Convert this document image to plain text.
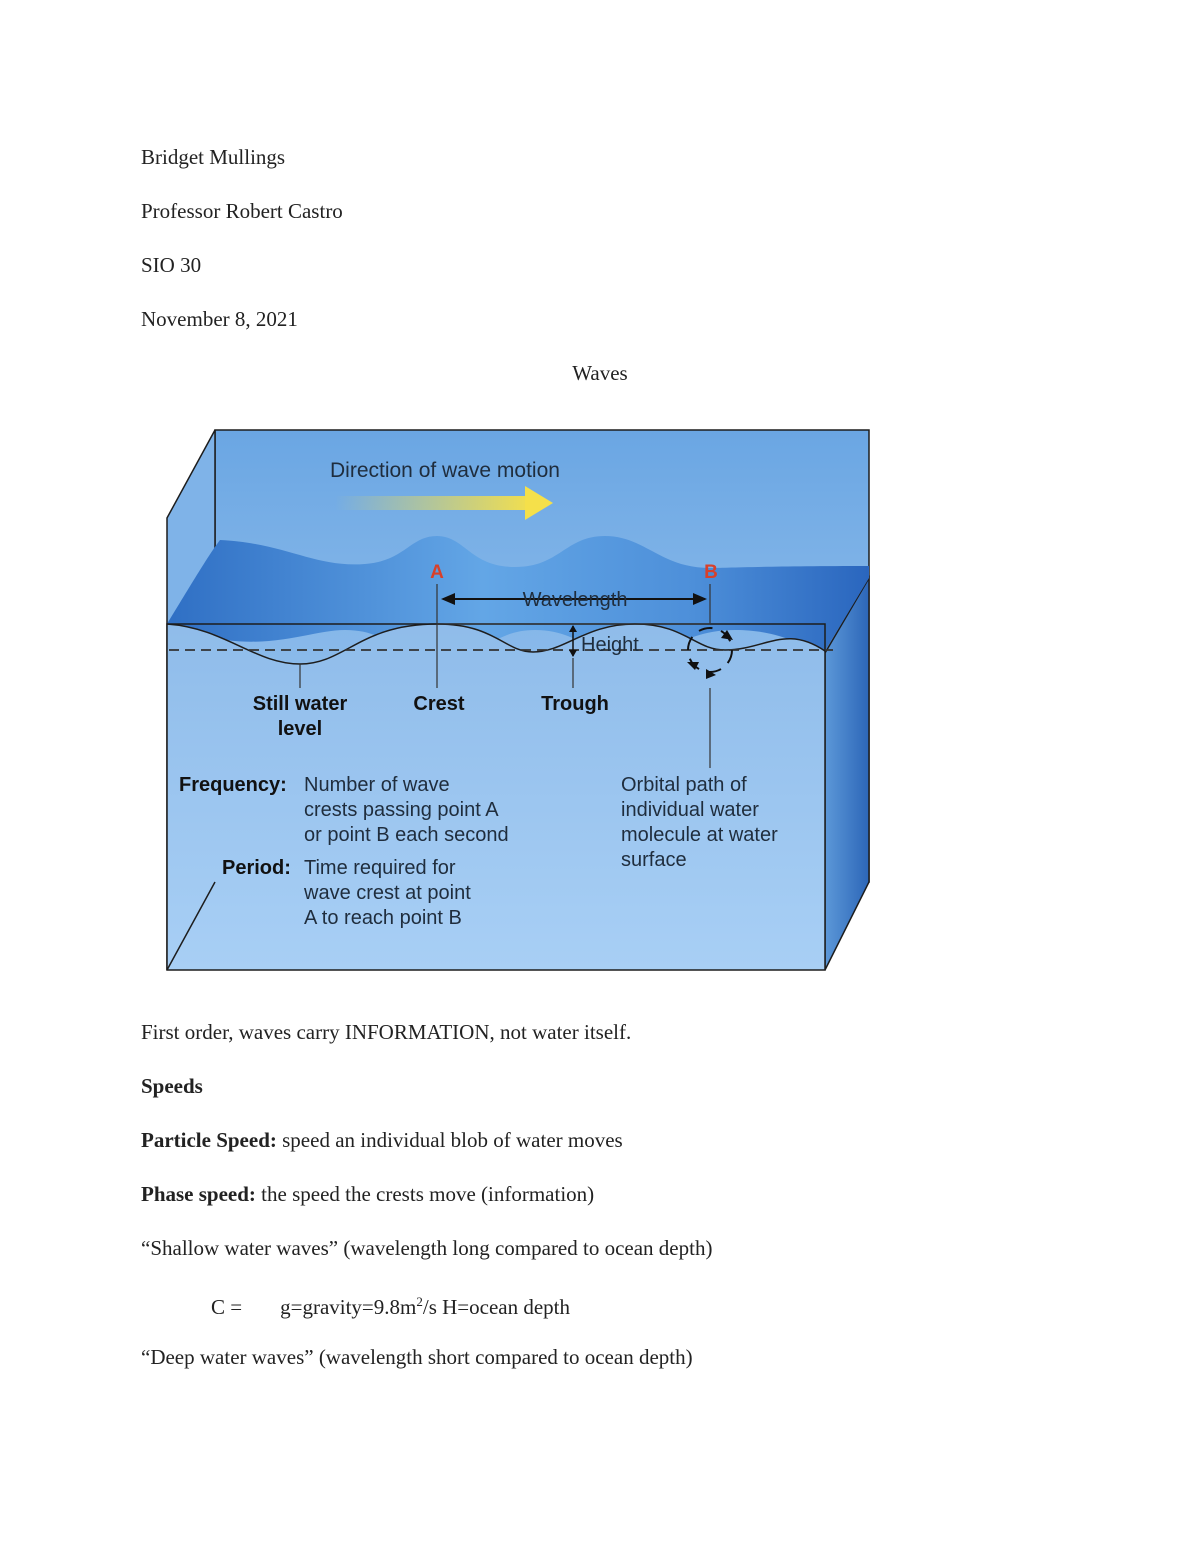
Bridget Mullings
Professor Robert Castro
SIO 30
November 8, 2021
Waves
Direction of wave motion
A	B
Wavelength
Height
Still water
level
Crest	Trough
Frequency: Number of wave
crests passing point A
or point B each second
Period: Time required for
wave crest at point
A to reach point B
Orbital path of
individual water
molecule at water
surface
First order, waves carry INFORMATION, not water itself.
Speeds
Particle Speed: speed an individual blob of water moves
Phase speed: the speed the crests move (information)
“Shallow water waves” (wavelength long compared to ocean depth)
$C = g=gravity=9.8m^2/s$ H=ocean depth
“Deep water waves” (wavelength short compared to ocean depth)
